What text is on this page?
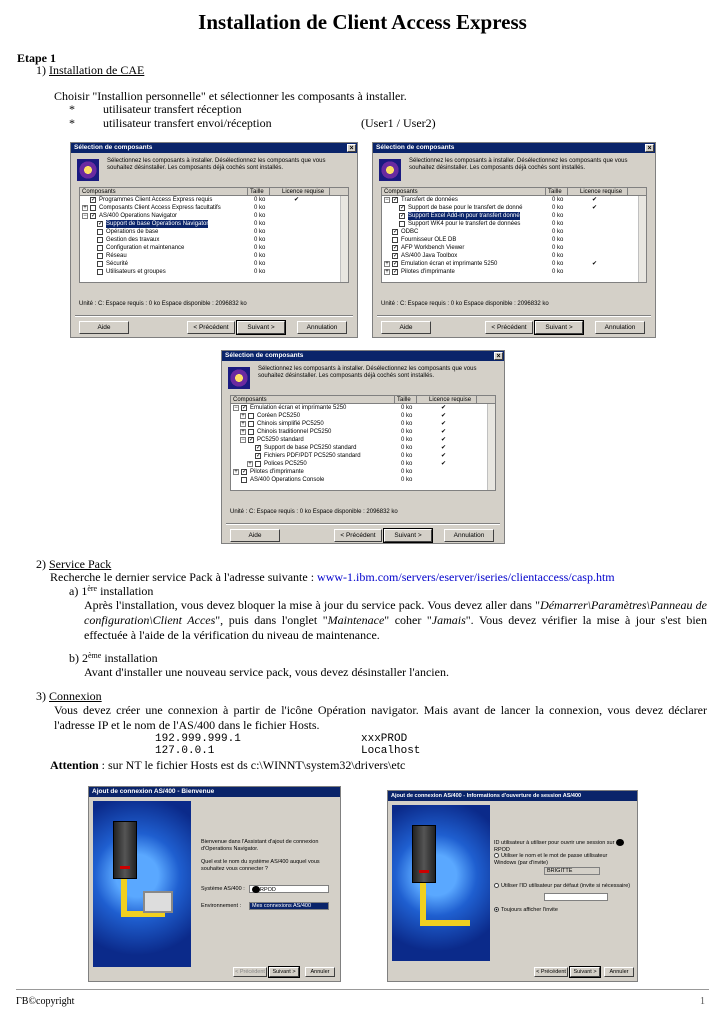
Installation de Client Access Express
Etape 1
1) Installation de CAE
Choisir "Installion personnelle" et sélectionner les composants à installer.
* utilisateur transfert réception
* utilisateur transfert envoi/réception	(User1 / User2)
Sélection de composants	×
Sélectionnez les composants à installer. Désélectionnez les composants que vous souhaitez désinstaller. Les composants déjà cochés sont installés.
Composants	Taille	Licence requise
✓ Programmes Client Access Express requis	0 ko	✔
+ Composants Client Access Express facultatifs	0 ko
− ✓ AS/400 Operations Navigator	0 ko
✓ Support de base Operations Navigator	0 ko
Opérations de base	0 ko
Gestion des travaux	0 ko
Configuration et maintenance	0 ko
Réseau	0 ko
Sécurité	0 ko
Utilisateurs et groupes	0 ko
Unité : C: Espace requis : 0 ko Espace disponible : 2096832 ko
Aide	< Précédent	Suivant >	Annulation
Sélection de composants	×
Sélectionnez les composants à installer. Désélectionnez les composants que vous souhaitez désinstaller. Les composants déjà cochés sont installés.
Composants	Taille	Licence requise
− ✓ Transfert de données	0 ko	✔
✓ Support de base pour le transfert de donné	0 ko	✔
✓ Support Excel Add-in pour transfert donné	0 ko
Support WK4 pour le transfert de données	0 ko
✓ ODBC	0 ko
Fournisseur OLE DB	0 ko
✓ AFP Workbench Viewer	0 ko
✓ AS/400 Java Toolbox	0 ko
+ ✓ Emulation écran et imprimante 5250	0 ko	✔
+ ✓ Pilotes d'imprimante	0 ko
Unité : C: Espace requis : 0 ko Espace disponible : 2096832 ko
Aide	< Précédent	Suivant >	Annulation
Sélection de composants	×
Sélectionnez les composants à installer. Désélectionnez les composants que vous souhaitez désinstaller. Les composants déjà cochés sont installés.
Composants	Taille	Licence requise
− ✓ Emulation écran et imprimante 5250	0 ko	✔
+ Coréen PC5250	0 ko	✔
+ Chinois simplifié PC5250	0 ko	✔
+ Chinois traditionnel PC5250	0 ko	✔
− ✓ PC5250 standard	0 ko	✔
✓ Support de base PC5250 standard	0 ko	✔
✓ Fichiers PDF/PDT PC5250 standard	0 ko	✔
+ Polices PC5250	0 ko	✔
+ ✓ Pilotes d'imprimante	0 ko
AS/400 Operations Console	0 ko
Unité : C: Espace requis : 0 ko Espace disponible : 2096832 ko
Aide	< Précédent	Suivant >	Annulation
2) Service Pack
Recherche le dernier service Pack à l'adresse suivante : www-1.ibm.com/servers/eserver/iseries/clientaccess/casp.htm
a) 1ère installation
Après l'installation, vous devez bloquer la mise à jour du service pack. Vous devez aller dans "Démarrer\Paramètres\Panneau de configuration\Client Acces", puis dans l'onglet "Maintenace" coher "Jamais". Vous devez vérifier la mise à jour s'est bien effectuée à l'aide de la vérification du niveau de maintenance.
b) 2ème installation
Avant d'installer une nouveau service pack, vous devez désinstaller l'ancien.
3) Connexion
Vous devez créer une connexion à partir de l'icône Opération navigator. Mais avant de lancer la connexion, vous devez déclarer l'adresse IP et le nom de l'AS/400 dans le fichier Hosts.
192.999.999.1	xxxPROD
127.0.0.1	Localhost
Attention : sur NT le fichier Hosts est ds c:\WINNT\system32\drivers\etc
Ajout de connexion AS/400 - Bienvenue
Bienvenue dans l'Assistant d'ajout de connexion d'Operations Navigator.
Quel est le nom du système AS/400 auquel vous souhaitez vous connecter ?
Système AS/400 :	RPOD
Environnement :	Mes connexions AS/400
< Précédent	Suivant >	Annuler
Ajout de connexion AS/400 - Informations d'ouverture de session AS/400
ID utilisateur à utiliser pour ouvrir une session sur RPOD
Utiliser le nom et le mot de passe utilisateur Windows (par d'invite)
BRIGITTE
Utiliser l'ID utilisateur par défaut (invite si nécessaire)
Toujours afficher l'invite
< Précédent	Suivant >	Annuler
ΓΒ©copyright	1
